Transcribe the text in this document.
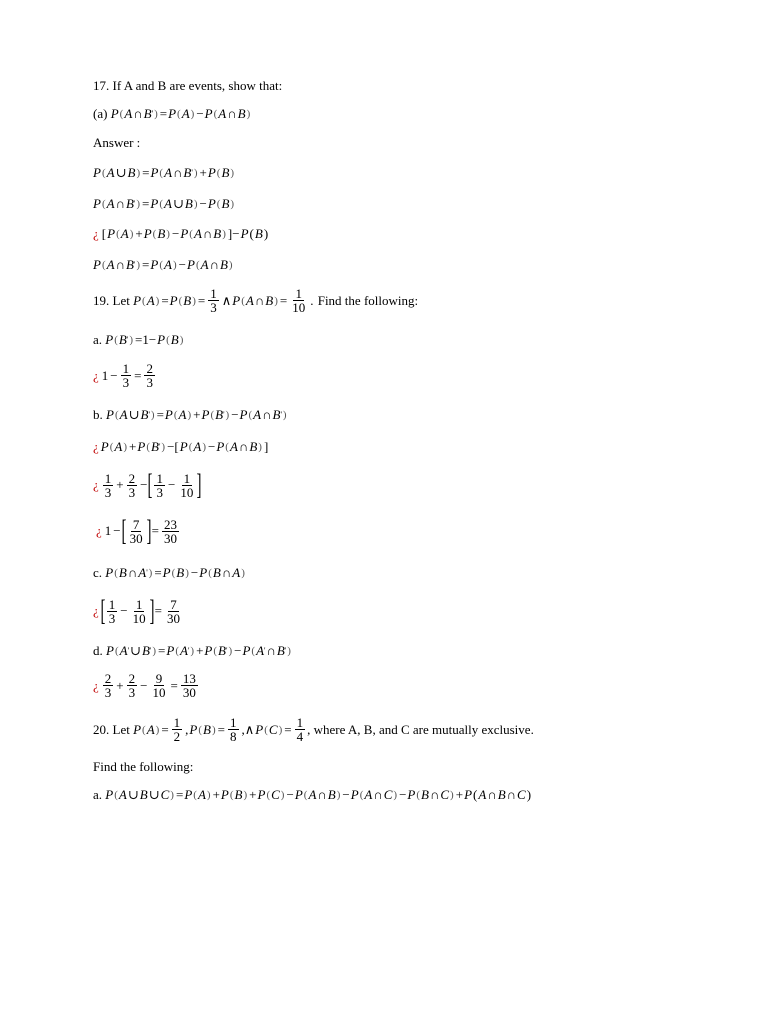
17. If A and B are events, show that:
(a)
P ( A ∩ B ' ) = P ( A ) − P ( A ∩ B )
Answer :
P ( A ∪ B ) = P ( A ∩ B ' ) + P ( B )
P ( A ∩ B ' ) = P ( A ∪ B ) − P ( B )
¿ [ P ( A ) + P ( B ) − P ( A ∩ B ) ]− P ( B )
P ( A ∩ B ' ) = P ( A ) − P ( A ∩ B )
19. Let
P ( A ) = P ( B ) = $\frac{1}{3}$ ∧ P ( A ∩ B ) = $\frac{1}{10}$ .
Find the following:
a.
P ( B ' ) =1− P ( B )
¿ $1 - \frac{1}{3} = \frac{2}{3}$
b.
P ( A ∪ B ' ) = P ( A ) + P ( B ' ) − P ( A ∩ B ' )
¿ P ( A ) + P ( B ' ) −[ P ( A ) − P ( A ∩ B ) ]
¿ $\frac{1}{3} + \frac{2}{3}$ − [ $\frac{1}{3} - \frac{1}{10}$ ]
¿ 1 − [ $\frac{7}{30}$ ] = $\frac{23}{30}$
c.
P ( B ∩ A ' ) = P ( B ) − P ( B ∩ A )
¿ [ $\frac{1}{3} - \frac{1}{10}$ ] = $\frac{7}{30}$
d.
P ( A ' ∪ B ' ) = P ( A ' ) + P ( B ' ) − P ( A ' ∩ B ' )
¿ $\frac{2}{3} + \frac{2}{3} - \frac{9}{10} = \frac{13}{30}$
20. Let
P ( A ) = $\frac{1}{2}$ , P ( B ) = $\frac{1}{8}$ ,∧ P ( C ) = $\frac{1}{4}$ , where A, B, and C are mutually exclusive .
Find the following:
a.
P ( A ∪ B ∪ C ) = P ( A ) + P ( B ) + P ( C ) − P ( A ∩ B ) − P ( A ∩ C ) − P ( B ∩ C ) + P ( A ∩ B ∩ C )
